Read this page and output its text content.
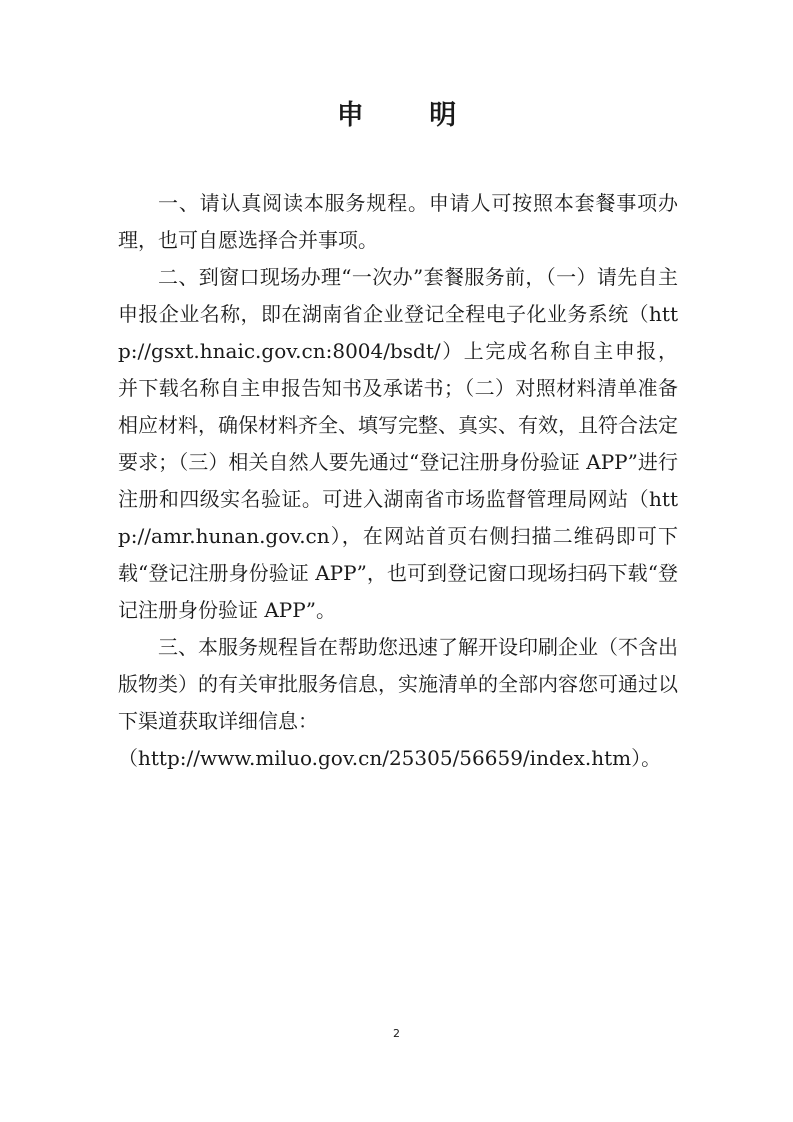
申 明

一、请认真阅读本服务规程。申请人可按照本套餐事项办理，也可自愿选择合并事项。

二、到窗口现场办理“一次办”套餐服务前，（一）请先自主申报企业名称，即在湖南省企业登记全程电子化业务系统（http://gsxt.hnaic.gov.cn:8004/bsdt/）上完成名称自主申报，并下载名称自主申报告知书及承诺书；（二）对照材料清单准备相应材料，确保材料齐全、填写完整、真实、有效，且符合法定要求；（三）相关自然人要先通过“登记注册身份验证 APP”进行注册和四级实名验证。可进入湖南省市场监督管理局网站（http://amr.hunan.gov.cn），在网站首页右侧扫描二维码即可下载“登记注册身份验证 APP”，也可到登记窗口现场扫码下载“登记注册身份验证 APP”。

三、本服务规程旨在帮助您迅速了解开设印刷企业（不含出版物类）的有关审批服务信息，实施清单的全部内容您可通过以下渠道获取详细信息：

（http://www.miluo.gov.cn/25305/56659/index.htm）。

2
